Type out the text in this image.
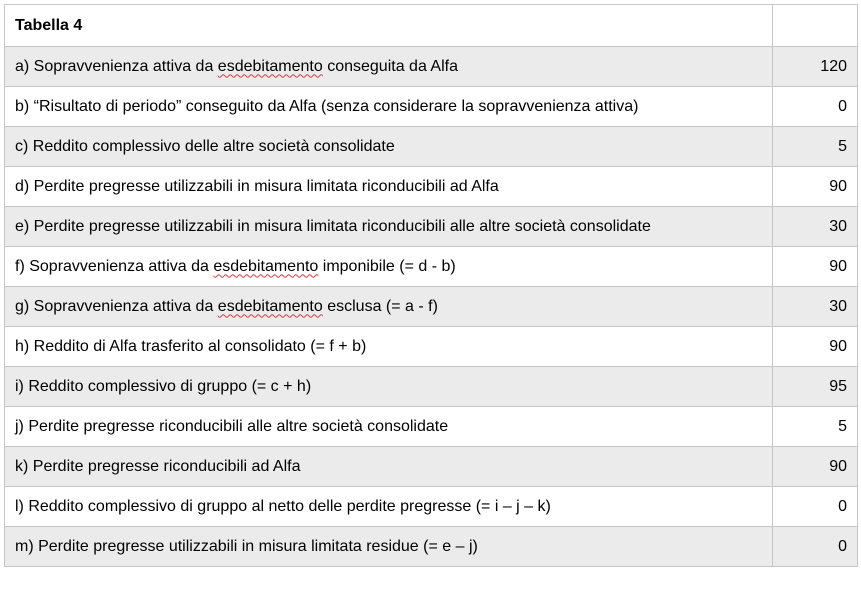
Tabella 4	
a) Sopravvenienza attiva da esdebitamento conseguita da Alfa	120
b) “Risultato di periodo” conseguito da Alfa (senza considerare la sopravvenienza attiva)	0
c) Reddito complessivo delle altre società consolidate	5
d) Perdite pregresse utilizzabili in misura limitata riconducibili ad Alfa	90
e) Perdite pregresse utilizzabili in misura limitata riconducibili alle altre società consolidate	30
f) Sopravvenienza attiva da esdebitamento imponibile (= d - b)	90
g) Sopravvenienza attiva da esdebitamento esclusa (= a - f)	30
h) Reddito di Alfa trasferito al consolidato (= f + b)	90
i) Reddito complessivo di gruppo (= c + h)	95
j) Perdite pregresse riconducibili alle altre società consolidate	5
k) Perdite pregresse riconducibili ad Alfa	90
l) Reddito complessivo di gruppo al netto delle perdite pregresse (= i – j – k)	0
m) Perdite pregresse utilizzabili in misura limitata residue (= e – j)	0
